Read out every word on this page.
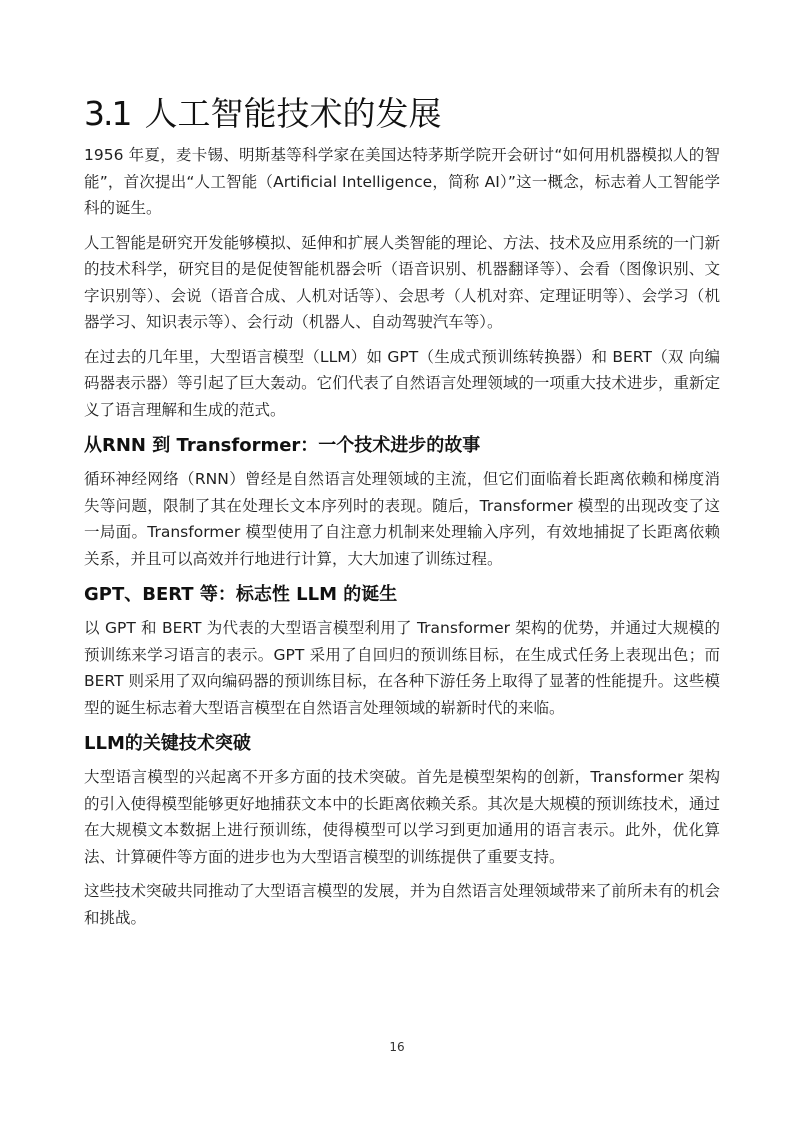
3.1 人工智能技术的发展

1956 年夏，麦卡锡、明斯基等科学家在美国达特茅斯学院开会研讨“如何用机器模拟人的智能”，首次提出“人工智能（Artificial Intelligence，简称 AI）”这一概念，标志着人工智能学科的诞生。

人工智能是研究开发能够模拟、延伸和扩展人类智能的理论、方法、技术及应用系统的一门新的技术科学，研究目的是促使智能机器会听（语音识别、机器翻译等）、会看（图像识别、文字识别等）、会说（语音合成、人机对话等）、会思考（人机对弈、定理证明等）、会学习（机器学习、知识表示等）、会行动（机器人、自动驾驶汽车等）。

在过去的几年里，大型语言模型（LLM）如 GPT（生成式预训练转换器）和 BERT（双 向编码器表示器）等引起了巨大轰动。它们代表了自然语言处理领域的一项重大技术进步，重新定义了语言理解和生成的范式。

从RNN 到 Transformer：一个技术进步的故事

循环神经网络（RNN）曾经是自然语言处理领域的主流，但它们面临着长距离依赖和梯度消失等问题，限制了其在处理长文本序列时的表现。随后，Transformer 模型的出现改变了这一局面。Transformer 模型使用了自注意力机制来处理输入序列，有效地捕捉了长距离依赖关系，并且可以高效并行地进行计算，大大加速了训练过程。

GPT、BERT 等：标志性 LLM 的诞生

以 GPT 和 BERT 为代表的大型语言模型利用了 Transformer 架构的优势，并通过大规模的预训练来学习语言的表示。GPT 采用了自回归的预训练目标，在生成式任务上表现出色；而 BERT 则采用了双向编码器的预训练目标，在各种下游任务上取得了显著的性能提升。这些模型的诞生标志着大型语言模型在自然语言处理领域的崭新时代的来临。

LLM的关键技术突破

大型语言模型的兴起离不开多方面的技术突破。首先是模型架构的创新，Transformer 架构的引入使得模型能够更好地捕获文本中的长距离依赖关系。其次是大规模的预训练技术，通过在大规模文本数据上进行预训练，使得模型可以学习到更加通用的语言表示。此外，优化算法、计算硬件等方面的进步也为大型语言模型的训练提供了重要支持。

这些技术突破共同推动了大型语言模型的发展，并为自然语言处理领域带来了前所未有的机会和挑战。

16
